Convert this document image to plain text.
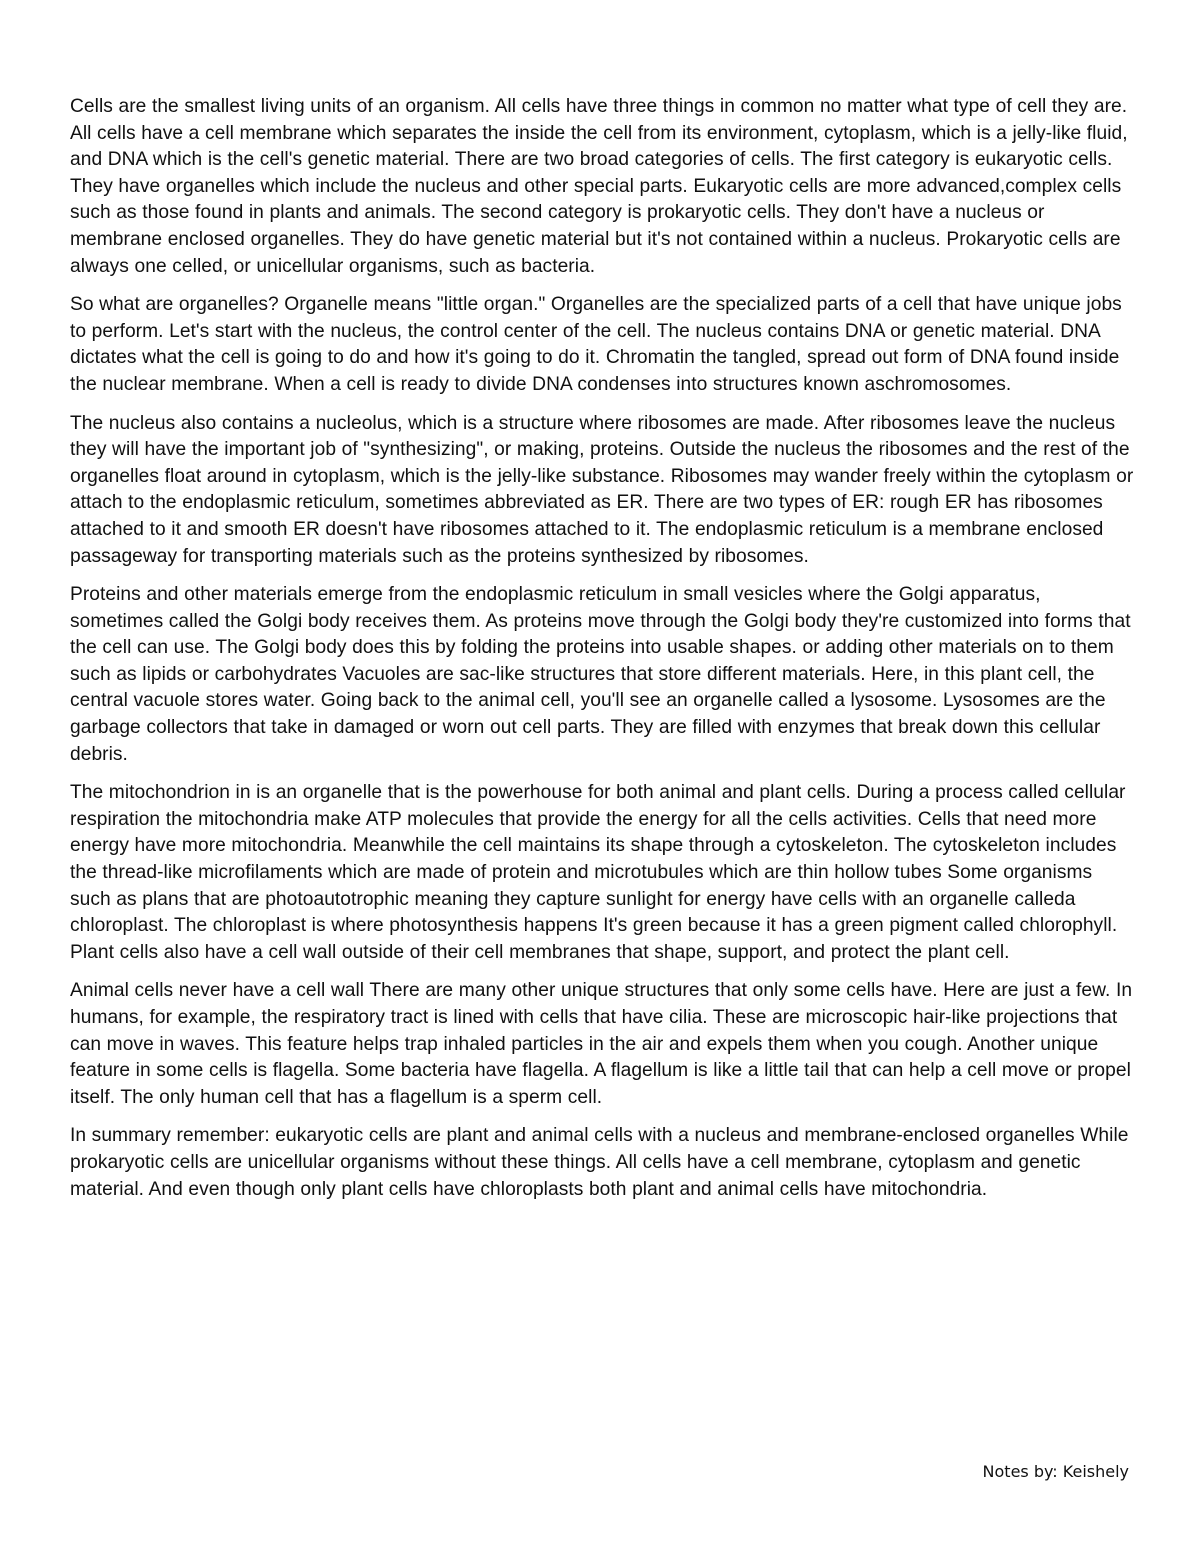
Cells are the smallest living units of an organism. All cells have three things in common no matter what type of cell they are. All cells have a cell membrane which separates the inside the cell from its environment, cytoplasm, which is a jelly-like fluid, and DNA which is the cell's genetic material. There are two broad categories of cells. The first category is eukaryotic cells. They have organelles which include the nucleus and other special parts. Eukaryotic cells are more advanced,complex cells such as those found in plants and animals. The second category is prokaryotic cells. They don't have a nucleus or membrane enclosed organelles. They do have genetic material but it's not contained within a nucleus. Prokaryotic cells are always one celled, or unicellular organisms, such as bacteria.

So what are organelles? Organelle means "little organ." Organelles are the specialized parts of a cell that have unique jobs to perform. Let's start with the nucleus, the control center of the cell. The nucleus contains DNA or genetic material. DNA dictates what the cell is going to do and how it's going to do it. Chromatin the tangled, spread out form of DNA found inside the nuclear membrane. When a cell is ready to divide DNA condenses into structures known aschromosomes.

The nucleus also contains a nucleolus, which is a structure where ribosomes are made. After ribosomes leave the nucleus they will have the important job of "synthesizing", or making, proteins. Outside the nucleus the ribosomes and the rest of the organelles float around in cytoplasm, which is the jelly-like substance. Ribosomes may wander freely within the cytoplasm or attach to the endoplasmic reticulum, sometimes abbreviated as ER. There are two types of ER: rough ER has ribosomes attached to it and smooth ER doesn't have ribosomes attached to it. The endoplasmic reticulum is a membrane enclosed passageway for transporting materials such as the proteins synthesized by ribosomes.

Proteins and other materials emerge from the endoplasmic reticulum in small vesicles where the Golgi apparatus, sometimes called the Golgi body receives them. As proteins move through the Golgi body they're customized into forms that the cell can use. The Golgi body does this by folding the proteins into usable shapes. or adding other materials on to them such as lipids or carbohydrates Vacuoles are sac-like structures that store different materials. Here, in this plant cell, the central vacuole stores water. Going back to the animal cell, you'll see an organelle called a lysosome. Lysosomes are the garbage collectors that take in damaged or worn out cell parts. They are filled with enzymes that break down this cellular debris.

The mitochondrion in is an organelle that is the powerhouse for both animal and plant cells. During a process called cellular respiration the mitochondria make ATP molecules that provide the energy for all the cells activities. Cells that need more energy have more mitochondria. Meanwhile the cell maintains its shape through a cytoskeleton. The cytoskeleton includes the thread-like microfilaments which are made of protein and microtubules which are thin hollow tubes Some organisms such as plans that are photoautotrophic meaning they capture sunlight for energy have cells with an organelle calleda chloroplast. The chloroplast is where photosynthesis happens It's green because it has a green pigment called chlorophyll. Plant cells also have a cell wall outside of their cell membranes that shape, support, and protect the plant cell.

Animal cells never have a cell wall There are many other unique structures that only some cells have. Here are just a few. In humans, for example, the respiratory tract is lined with cells that have cilia. These are microscopic hair-like projections that can move in waves. This feature helps trap inhaled particles in the air and expels them when you cough. Another unique feature in some cells is flagella. Some bacteria have flagella. A flagellum is like a little tail that can help a cell move or propel itself. The only human cell that has a flagellum is a sperm cell.

In summary remember: eukaryotic cells are plant and animal cells with a nucleus and membrane-enclosed organelles While prokaryotic cells are unicellular organisms without these things. All cells have a cell membrane, cytoplasm and genetic material. And even though only plant cells have chloroplasts both plant and animal cells have mitochondria.

Notes by: Keishely
